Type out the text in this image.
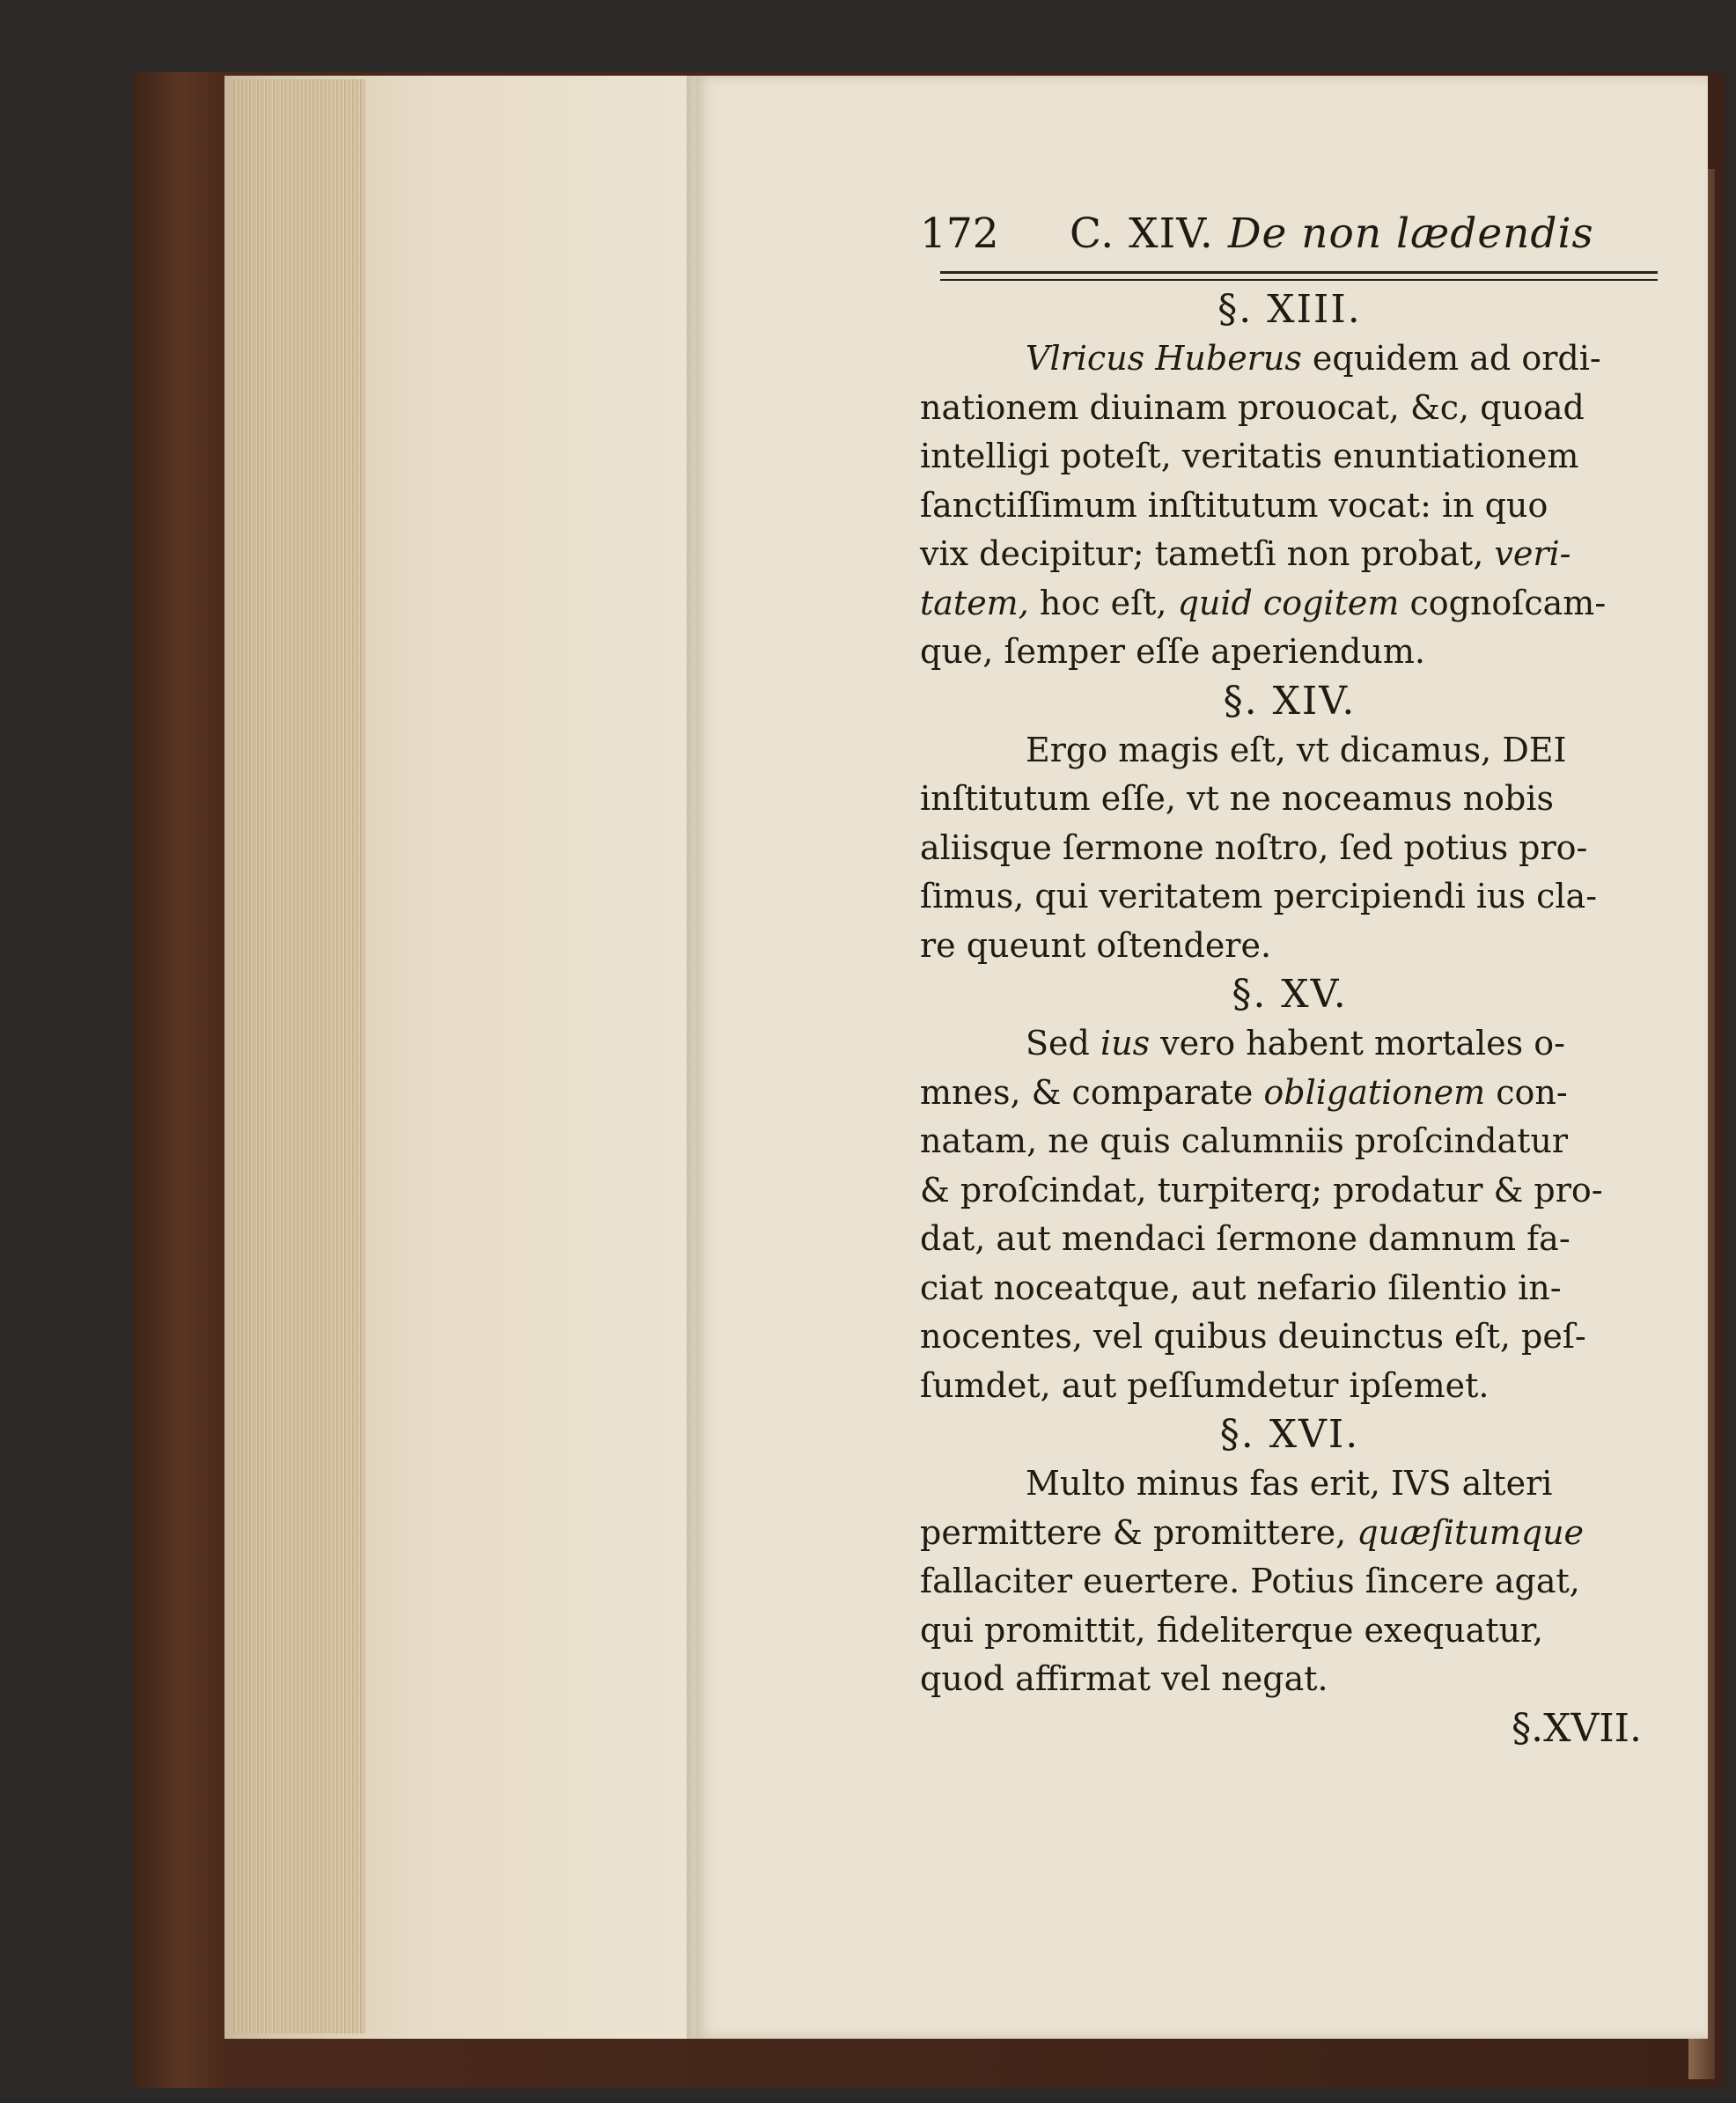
172 C. XIV. De non lædendis
§. XIII.
Vlricus Huberus equidem ad ordi-
nationem diuinam prouocat, &c, quoad
intelligi poteſt, veritatis enuntiationem
ſanctiſſimum inſtitutum vocat: in quo
vix decipitur; tametſi non probat, veri-
tatem, hoc eſt, quid cogitem cognoſcam-
que, ſemper eſſe aperiendum.
§. XIV.
Ergo magis eſt, vt dicamus, DEI
inſtitutum eſſe, vt ne noceamus nobis
aliisque ſermone noſtro, ſed potius pro-
ſimus, qui veritatem percipiendi ius cla-
re queunt oſtendere.
§. XV.
Sed ius vero habent mortales o-
mnes, & comparate obligationem con-
natam, ne quis calumniis proſcindatur
& proſcindat, turpiterq; prodatur & pro-
dat, aut mendaci ſermone damnum fa-
ciat noceatque, aut nefario ſilentio in-
nocentes, vel quibus deuinctus eſt, peſ-
ſumdet, aut peſſumdetur ipſemet.
§. XVI.
Multo minus fas erit, IVS alteri
permittere & promittere, quæſitumque
fallaciter euertere. Potius ſincere agat,
qui promittit, fideliterque exequatur,
quod affirmat vel negat.
§.XVII.
